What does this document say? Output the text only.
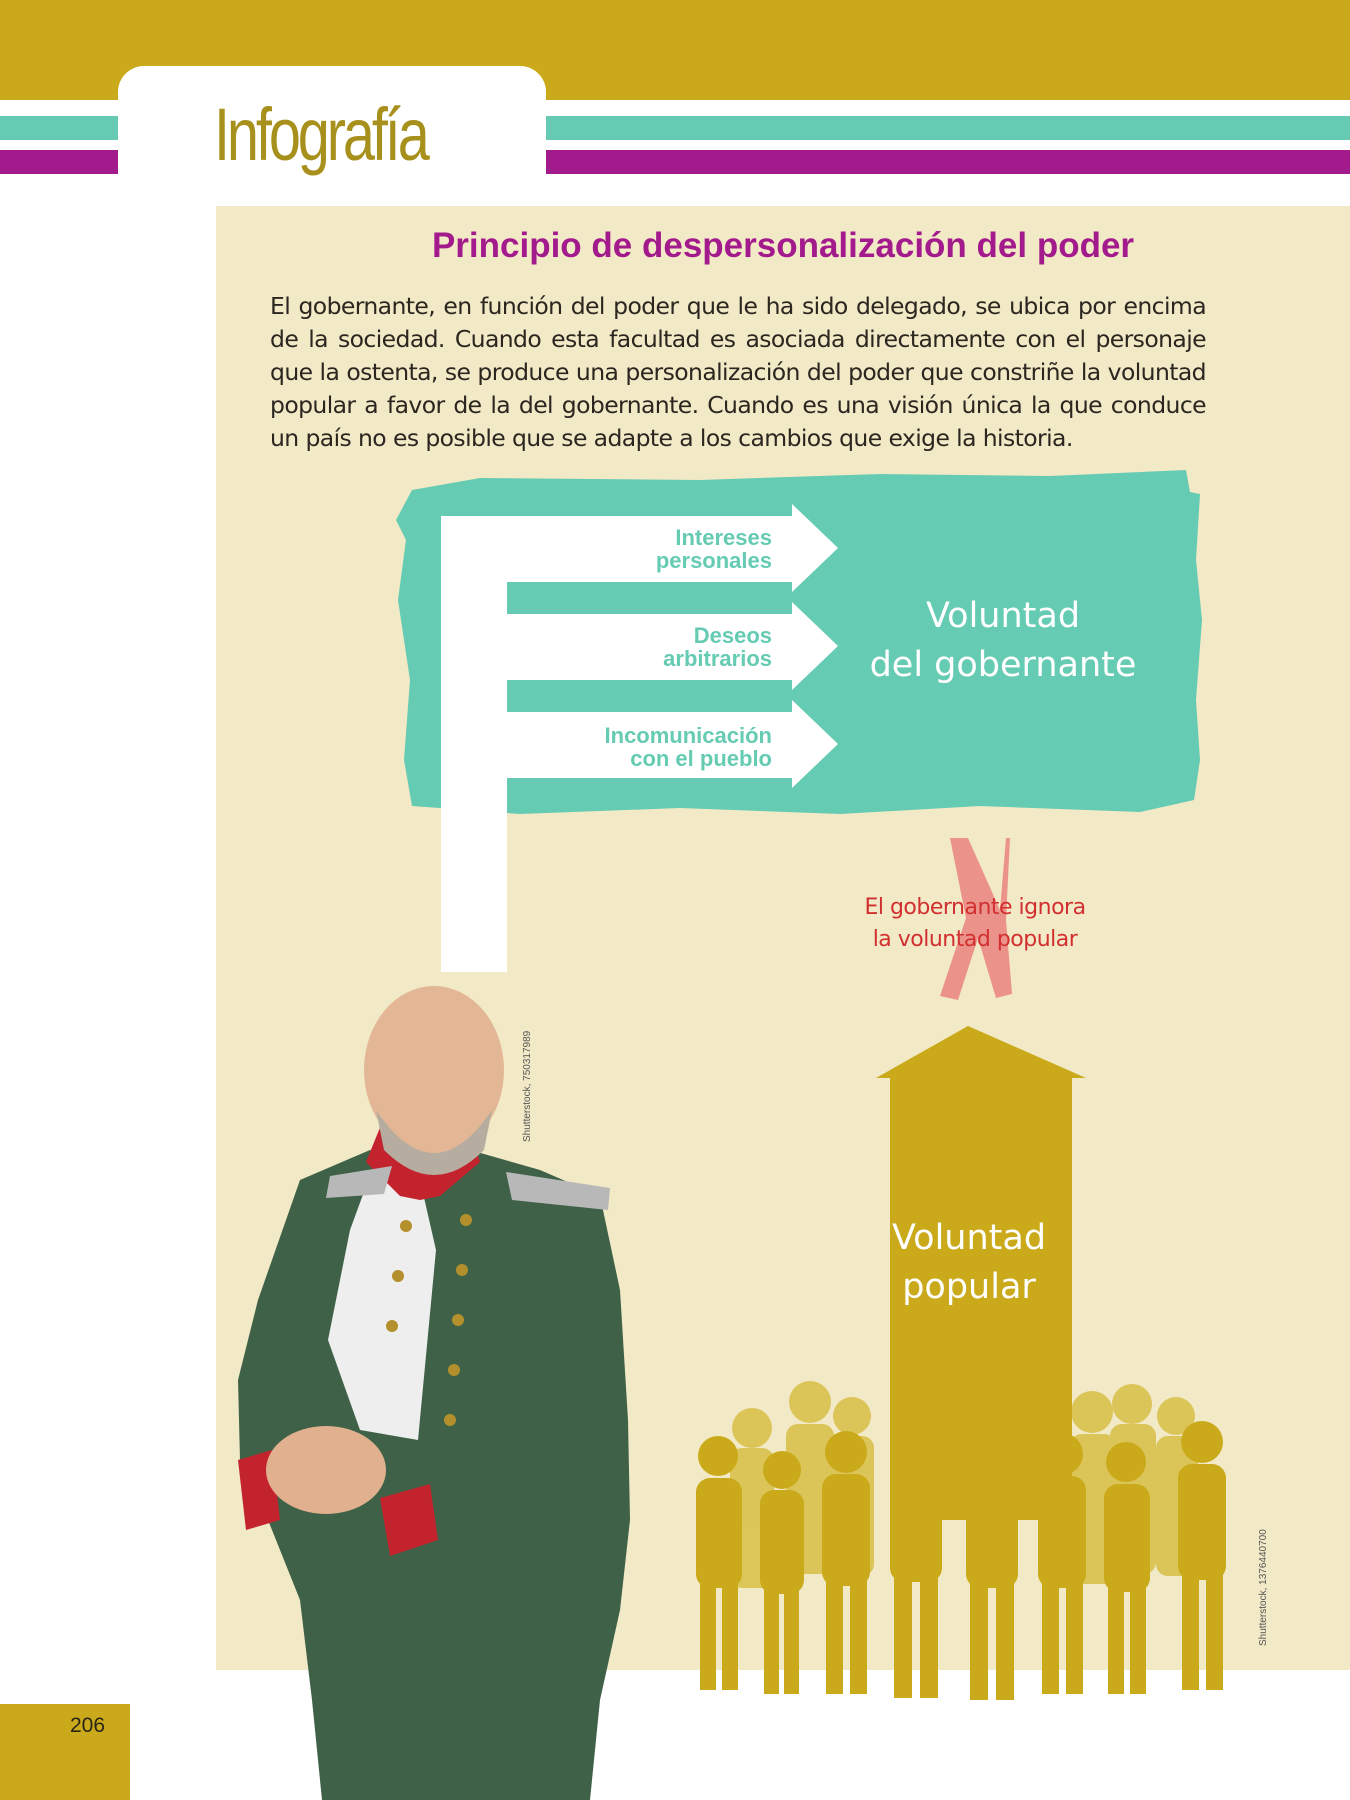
Infografía
Principio de despersonalización del poder

El gobernante, en función del poder que le ha sido delegado, se ubica por encima de la sociedad. Cuando esta facultad es asociada directamente con el personaje que la ostenta, se produce una personalización del poder que constriñe la voluntad popular a favor de la del gobernante. Cuando es una visión única la que conduce un país no es posible que se adapte a los cambios que exige la historia.

Intereses
personales
Deseos
arbitrarios
Incomunicación
con el pueblo
Voluntad
del gobernante
El gobernante ignora
la voluntad popular
Voluntad
popular
Shutterstock, 750317989
Shutterstock, 1376440700
206
